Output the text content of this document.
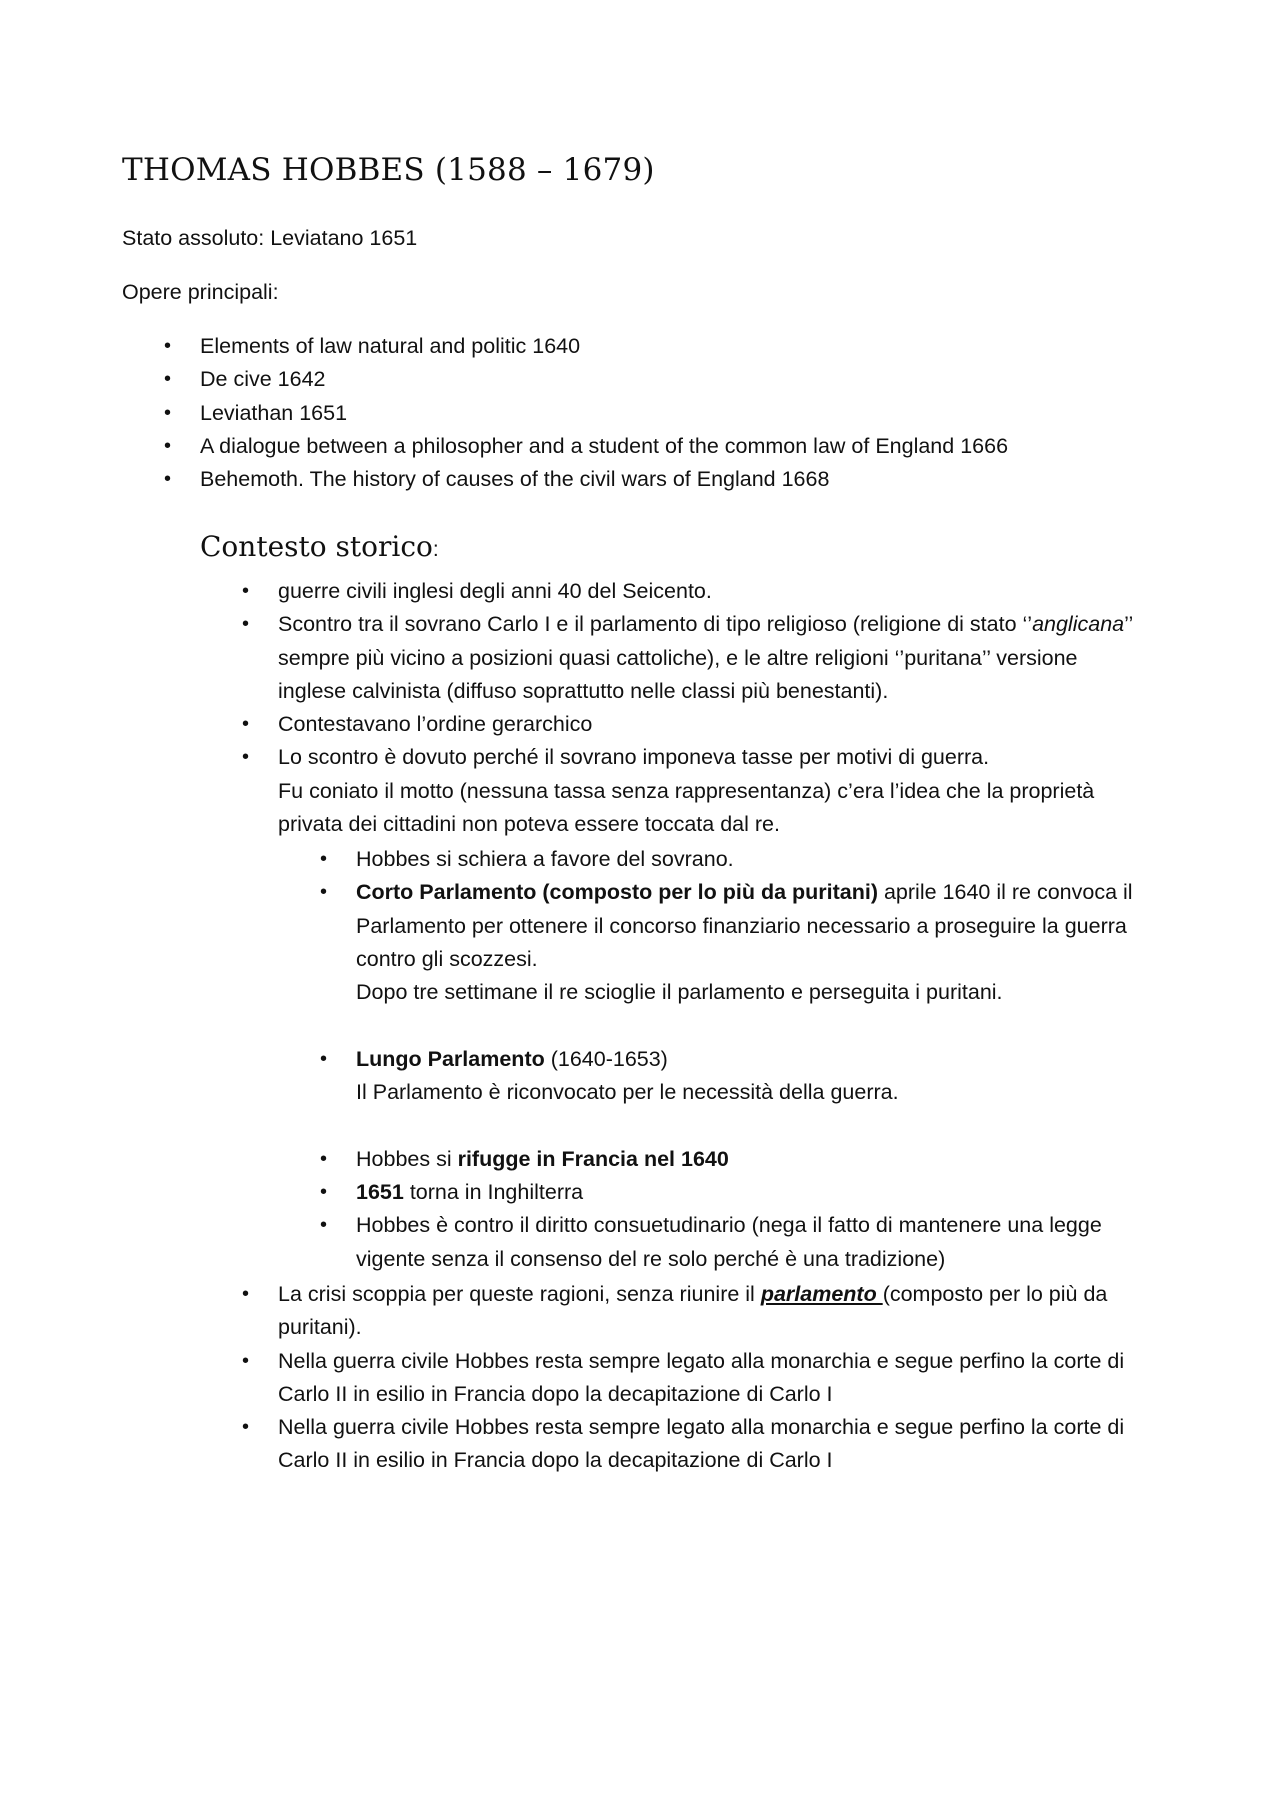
THOMAS HOBBES (1588 – 1679)

Stato assoluto: Leviatano 1651

Opere principali:

• Elements of law natural and politic 1640
• De cive 1642
• Leviathan 1651
• A dialogue between a philosopher and a student of the common law of England 1666
• Behemoth. The history of causes of the civil wars of England 1668
Contesto storico:
• guerre civili inglesi degli anni 40 del Seicento.
• Scontro tra il sovrano Carlo I e il parlamento di tipo religioso (religione di stato ‘’anglicana’’
sempre più vicino a posizioni quasi cattoliche), e le altre religioni ‘’puritana’’ versione
inglese calvinista (diffuso soprattutto nelle classi più benestanti).
• Contestavano l’ordine gerarchico
• Lo scontro è dovuto perché il sovrano imponeva tasse per motivi di guerra.
Fu coniato il motto (nessuna tassa senza rappresentanza) c’era l’idea che la proprietà
privata dei cittadini non poteva essere toccata dal re.
• Hobbes si schiera a favore del sovrano.
• Corto Parlamento (composto per lo più da puritani) aprile 1640 il re convoca il
Parlamento per ottenere il concorso finanziario necessario a proseguire la guerra
contro gli scozzesi.
Dopo tre settimane il re scioglie il parlamento e perseguita i puritani.
• Lungo Parlamento (1640-1653)
Il Parlamento è riconvocato per le necessità della guerra.
• Hobbes si rifugge in Francia nel 1640
• 1651 torna in Inghilterra
• Hobbes è contro il diritto consuetudinario (nega il fatto di mantenere una legge
vigente senza il consenso del re solo perché è una tradizione)
• La crisi scoppia per queste ragioni, senza riunire il parlamento (composto per lo più da
puritani).
• Nella guerra civile Hobbes resta sempre legato alla monarchia e segue perfino la corte di
Carlo II in esilio in Francia dopo la decapitazione di Carlo I
• Nella guerra civile Hobbes resta sempre legato alla monarchia e segue perfino la corte di
Carlo II in esilio in Francia dopo la decapitazione di Carlo I
